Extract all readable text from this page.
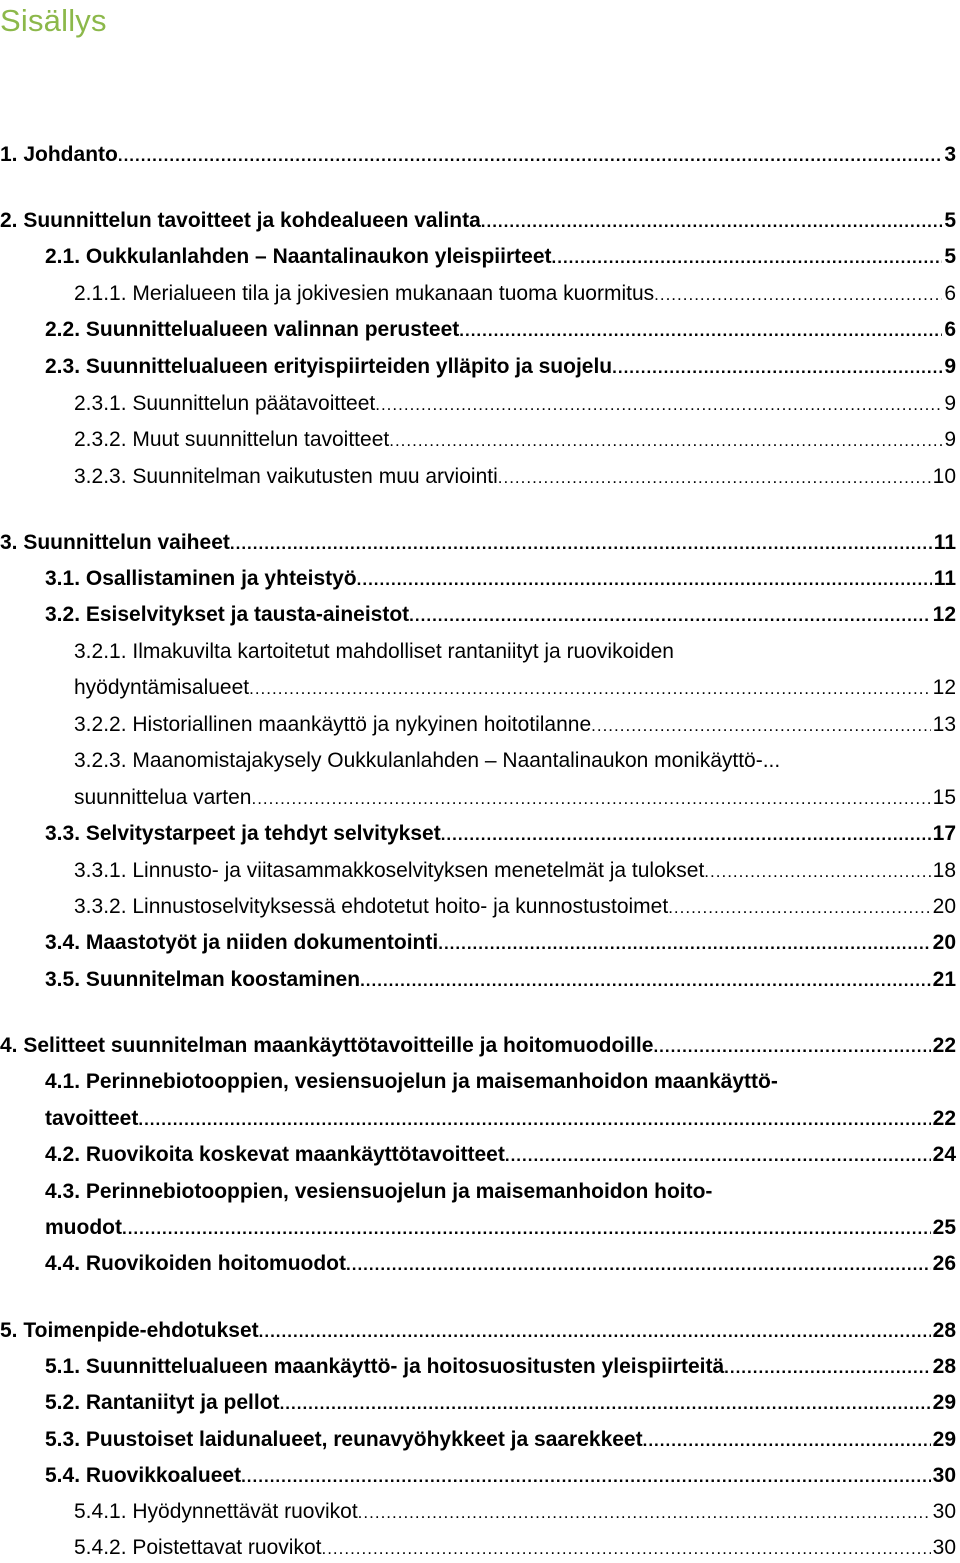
Sisällys
1. Johdanto .....	3
2. Suunnittelun tavoitteet ja kohdealueen valinta .....	5
2.1. Oukkulanlahden – Naantalinaukon yleispiirteet .....	5
2.1.1. Merialueen tila ja jokivesien mukanaan tuoma kuormitus .....	6
2.2. Suunnittelualueen valinnan perusteet .....	6
2.3. Suunnittelualueen erityispiirteiden ylläpito ja suojelu .....	9
2.3.1. Suunnittelun päätavoitteet .....	9
2.3.2. Muut suunnittelun tavoitteet .....	9
3.2.3. Suunnitelman vaikutusten muu arviointi .....	10
3. Suunnittelun vaiheet .....	11
3.1. Osallistaminen ja yhteistyö .....	11
3.2. Esiselvitykset ja tausta-aineistot .....	12
3.2.1. Ilmakuvilta kartoitetut mahdolliset rantaniityt ja ruovikoiden
hyödyntämisalueet .....	12
3.2.2. Historiallinen maankäyttö ja nykyinen hoitotilanne .....	13
3.2.3. Maanomistajakysely Oukkulanlahden – Naantalinaukon monikäyttö-...
suunnittelua varten .....	15
3.3. Selvitystarpeet ja tehdyt selvitykset .....	17
3.3.1. Linnusto- ja viitasammakkoselvityksen menetelmät ja tulokset .....	18
3.3.2. Linnustoselvityksessä ehdotetut hoito- ja kunnostustoimet .....	20
3.4. Maastotyöt ja niiden dokumentointi .....	20
3.5. Suunnitelman koostaminen .....	21
4. Selitteet suunnitelman maankäyttötavoitteille ja hoitomuodoille .....	22
4.1. Perinnebiotooppien, vesiensuojelun ja maisemanhoidon maankäyttö-
tavoitteet .....	22
4.2. Ruovikoita koskevat maankäyttötavoitteet .....	24
4.3. Perinnebiotooppien, vesiensuojelun ja maisemanhoidon hoito-
muodot .....	25
4.4. Ruovikoiden hoitomuodot .....	26
5. Toimenpide-ehdotukset .....	28
5.1. Suunnittelualueen maankäyttö- ja hoitosuositusten yleispiirteitä .....	28
5.2. Rantaniityt ja pellot .....	29
5.3. Puustoiset laidunalueet, reunavyöhykkeet ja saarekkeet .....	29
5.4. Ruovikkoalueet .....	30
5.4.1. Hyödynnettävät ruovikot .....	30
5.4.2. Poistettavat ruovikot .....	30
